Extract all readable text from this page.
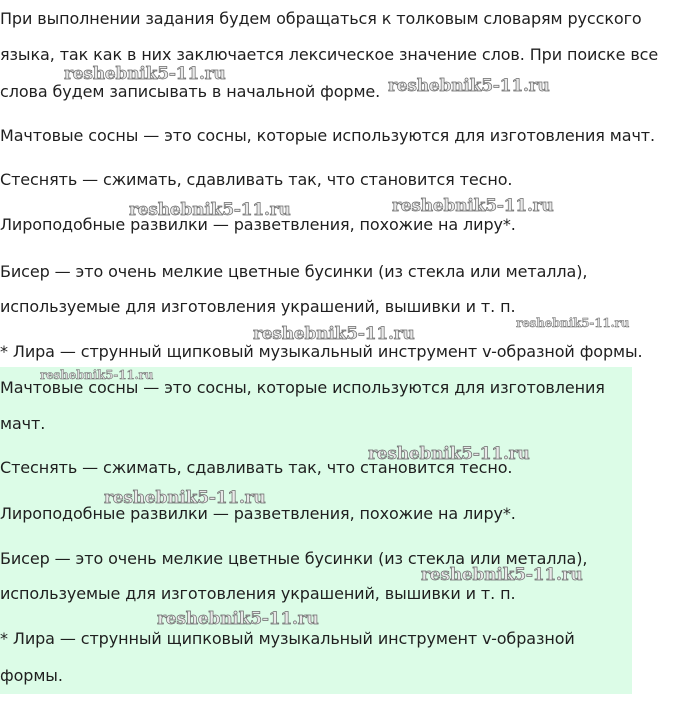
При выполнении задания будем обращаться к толковым словарям русского
языка, так как в них заключается лексическое значение слов. При поиске все
слова будем записывать в начальной форме.
Мачтовые сосны — это сосны, которые используются для изготовления мачт.
Стеснять — сжимать, сдавливать так, что становится тесно.
Лироподобные развилки — разветвления, похожие на лиру*.
Бисер — это очень мелкие цветные бусинки (из стекла или металла),
используемые для изготовления украшений, вышивки и т. п.
* Лира — струнный щипковый музыкальный инструмент v-образной формы.
Мачтовые сосны — это сосны, которые используются для изготовления
мачт.
Стеснять — сжимать, сдавливать так, что становится тесно.
Лироподобные развилки — разветвления, похожие на лиру*.
Бисер — это очень мелкие цветные бусинки (из стекла или металла),
используемые для изготовления украшений, вышивки и т. п.
* Лира — струнный щипковый музыкальный инструмент v-образной
формы.
reshebnik5-11.ru
reshebnik5-11.ru
reshebnik5-11.ru	reshebnik5-11.ru
reshebnik5-11.ru
reshebnik5-11.ru
reshebnik5-11.ru
reshebnik5-11.ru
reshebnik5-11.ru
reshebnik5-11.ru
reshebnik5-11.ru
